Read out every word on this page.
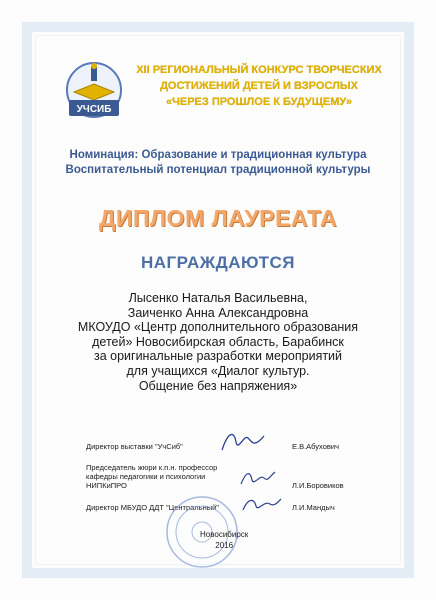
УЧСИБ
XII РЕГИОНАЛЬНЫЙ КОНКУРС ТВОРЧЕСКИХ
ДОСТИЖЕНИЙ ДЕТЕЙ И ВЗРОСЛЫХ
«ЧЕРЕЗ ПРОШЛОЕ К БУДУЩЕМУ»
Номинация: Образование и традиционная культура
Воспитательный потенциал традиционной культуры
ДИПЛОМ ЛАУРЕАТА
НАГРАЖДАЮТСЯ
Лысенко Наталья Васильевна,
Заиченко Анна Александровна
МКОУДО «Центр дополнительного образования
детей» Новосибирская область, Барабинск
за оригинальные разработки мероприятий
для учащихся «Диалог культур.
Общение без напряжения»
Директор выставки "УчСиб"	Е.В.Абухович
Председатель жюри к.п.н. профессор
кафедры педагогики и психологии
НИПКиПРО	Л.И.Боровиков
Директор МБУДО ДДТ "Центральный"	Л.И.Мандыч
Новосибирск
2016
